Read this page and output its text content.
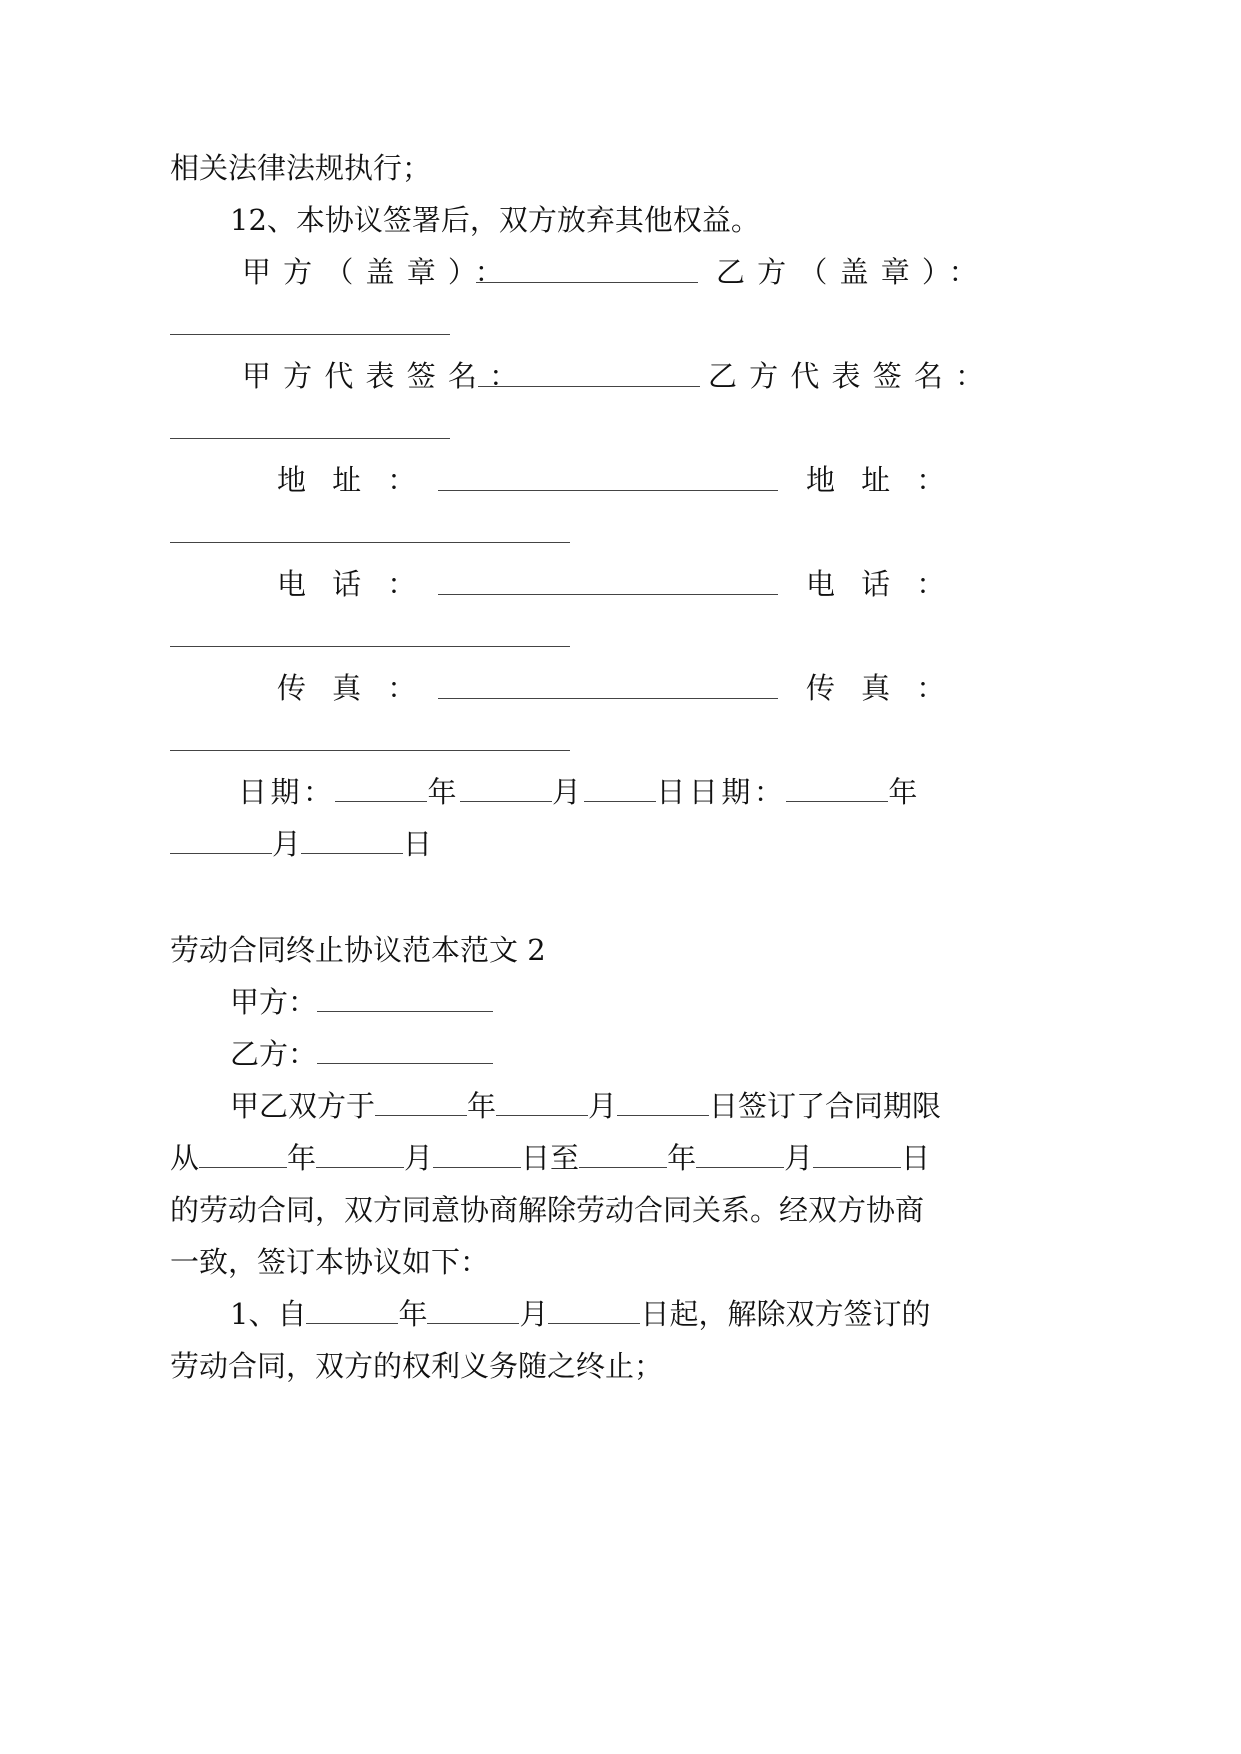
相关法律法规执行；
12、本协议签署后，双方放弃其他权益。
甲方（盖章）：	乙方（盖章）：
甲方代表签名：	乙方代表签名：
地址：	地址：
电话：	电话：
传真：	传真：
日期：	年	月 日日期：	年
月	日
劳动合同终止协议范本范文 2
甲方：
乙方：
甲乙双方于	年	月	日签订了合同期限
从	年	月	日至	年	月	日
的劳动合同，双方同意协商解除劳动合同关系。经双方协商
一致，签订本协议如下：
1、自	年	月	日起，解除双方签订的
劳动合同，双方的权利义务随之终止；
